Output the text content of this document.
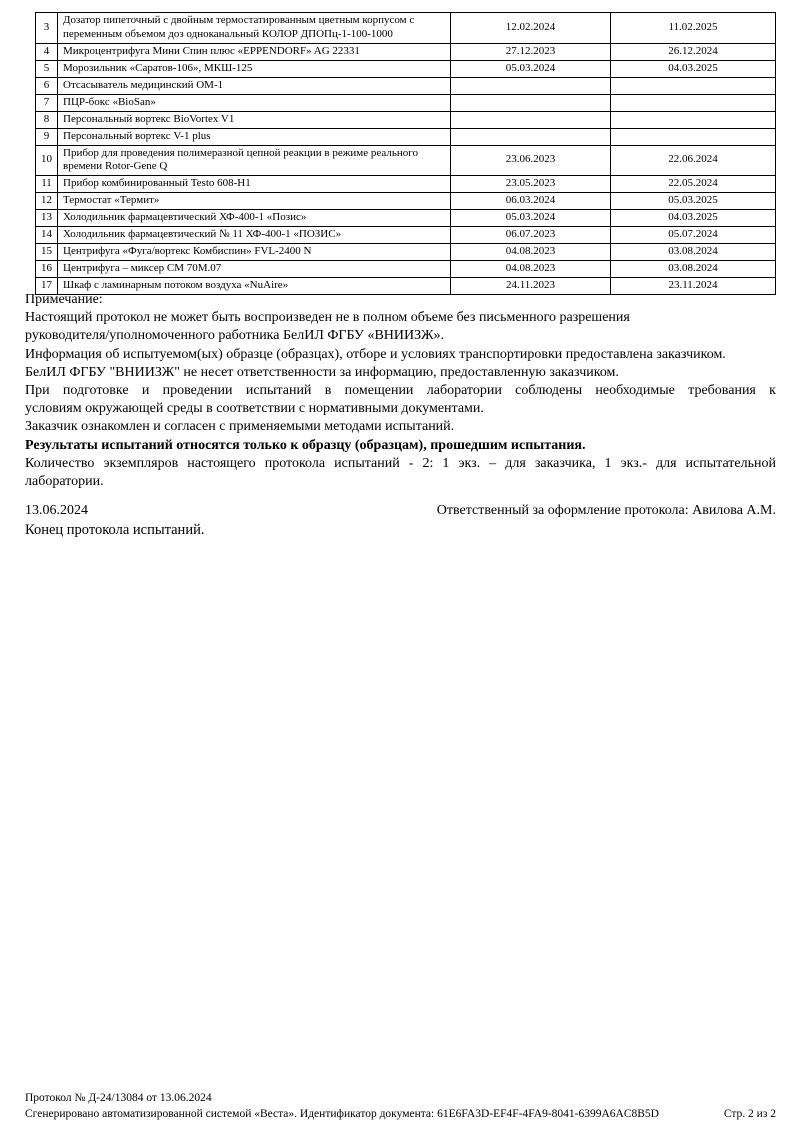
3	Дозатор пипеточный с двойным термостатированным цветным корпусом с переменным объемом доз одноканальный КОЛОР ДПОПц-1-100-1000	12.02.2024	11.02.2025
4	Микроцентрифуга Мини Спин плюс «EPPENDORF» AG 22331	27.12.2023	26.12.2024
5	Морозильник «Саратов-106», МКШ-125	05.03.2024	04.03.2025
6	Отсасыватель медицинский ОМ-1		
7	ПЦР-бокс «BioSan»		
8	Персональный вортекс BioVortex V1		
9	Персональный вортекс V-1 plus		
10	Прибор для проведения полимеразной цепной реакции в режиме реального времени Rotor-Gene Q	23.06.2023	22.06.2024
11	Прибор комбинированный Testo 608-H1	23.05.2023	22.05.2024
12	Термостат «Термит»	06.03.2024	05.03.2025
13	Холодильник фармацевтический ХФ-400-1 «Позис»	05.03.2024	04.03.2025
14	Холодильник фармацевтический № 11 ХФ-400-1 «ПОЗИС»	06.07.2023	05.07.2024
15	Центрифуга «Фуга/вортекс Комбиспин» FVL-2400 N	04.08.2023	03.08.2024
16	Центрифуга – миксер СМ 70М.07	04.08.2023	03.08.2024
17	Шкаф с ламинарным потоком воздуха «NuAire»	24.11.2023	23.11.2024
Примечание:
Настоящий протокол не может быть воспроизведен не в полном объеме без письменного разрешения
руководителя/уполномоченного работника БелИЛ ФГБУ «ВНИИЗЖ».
Информация об испытуемом(ых) образце (образцах), отборе и условиях транспортировки предоставлена заказчиком.
БелИЛ ФГБУ "ВНИИЗЖ" не несет ответственности за информацию, предоставленную заказчиком.
При подготовке и проведении испытаний в помещении лаборатории соблюдены необходимые требования к
условиям окружающей среды в соответствии с нормативными документами.
Заказчик ознакомлен и согласен с применяемыми методами испытаний.
Результаты испытаний относятся только к образцу (образцам), прошедшим испытания.
Количество экземпляров настоящего протокола испытаний - 2: 1 экз. – для заказчика, 1 экз.- для испытательной
лаборатории.
13.06.2024	Ответственный за оформление протокола: Авилова А.М.
Конец протокола испытаний.
Протокол № Д-24/13084 от 13.06.2024
Сгенерировано автоматизированной системой «Веста». Идентификатор документа: 61E6FA3D-EF4F-4FA9-8041-6399A6AC8B5D	Стр. 2 из 2
